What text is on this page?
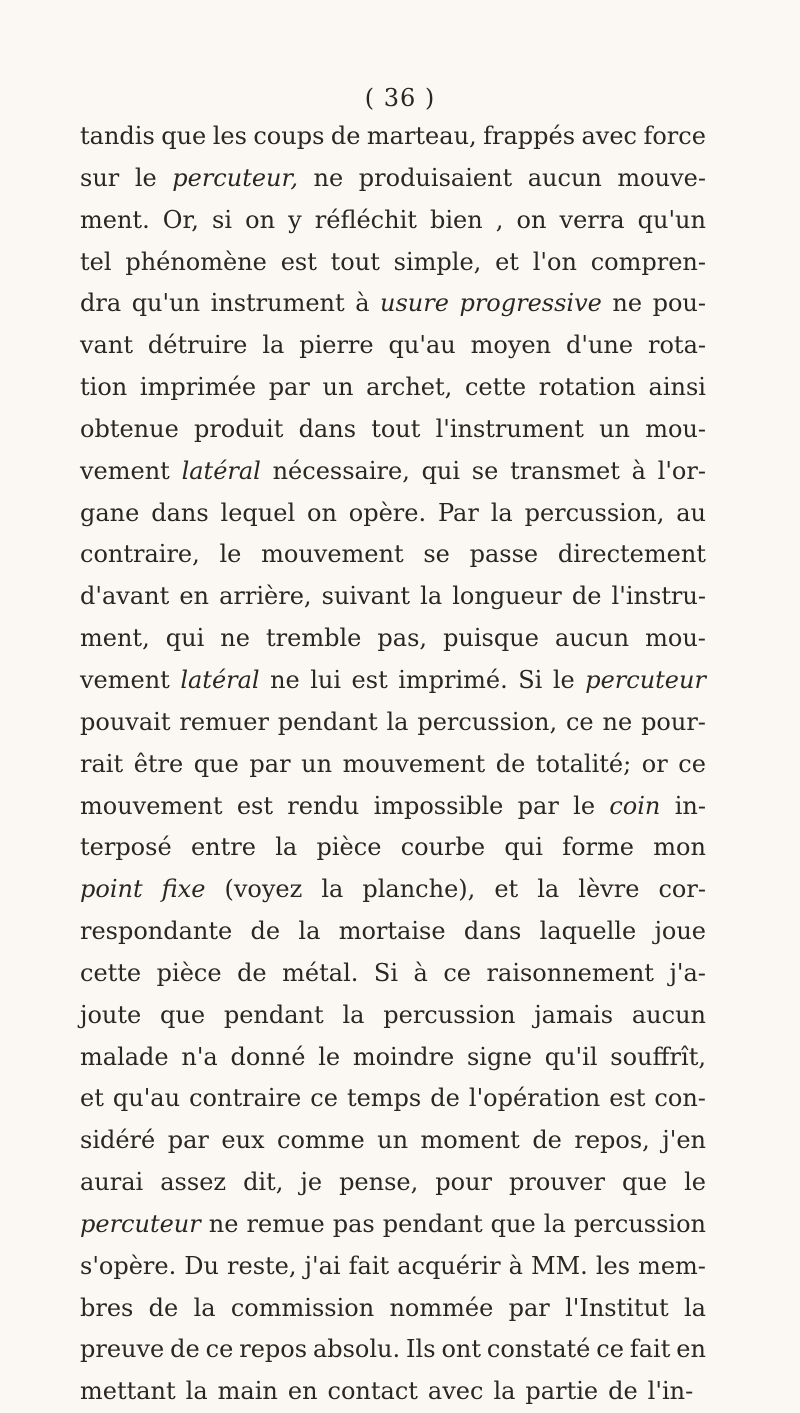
( 36 )
tandis que les coups de marteau, frappés avec force
sur le percuteur, ne produisaient aucun mouve-
ment. Or, si on y réfléchit bien , on verra qu'un
tel phénomène est tout simple, et l'on compren-
dra qu'un instrument à usure progressive ne pou-
vant détruire la pierre qu'au moyen d'une rota-
tion imprimée par un archet, cette rotation ainsi
obtenue produit dans tout l'instrument un mou-
vement latéral nécessaire, qui se transmet à l'or-
gane dans lequel on opère. Par la percussion, au
contraire, le mouvement se passe directement
d'avant en arrière, suivant la longueur de l'instru-
ment, qui ne tremble pas, puisque aucun mou-
vement latéral ne lui est imprimé. Si le percuteur
pouvait remuer pendant la percussion, ce ne pour-
rait être que par un mouvement de totalité; or ce
mouvement est rendu impossible par le coin in-
terposé entre la pièce courbe qui forme mon
point fixe (voyez la planche), et la lèvre cor-
respondante de la mortaise dans laquelle joue
cette pièce de métal. Si à ce raisonnement j'a-
joute que pendant la percussion jamais aucun
malade n'a donné le moindre signe qu'il souffrît,
et qu'au contraire ce temps de l'opération est con-
sidéré par eux comme un moment de repos, j'en
aurai assez dit, je pense, pour prouver que le
percuteur ne remue pas pendant que la percussion
s'opère. Du reste, j'ai fait acquérir à MM. les mem-
bres de la commission nommée par l'Institut la
preuve de ce repos absolu. Ils ont constaté ce fait en
mettant la main en contact avec la partie de l'in-
